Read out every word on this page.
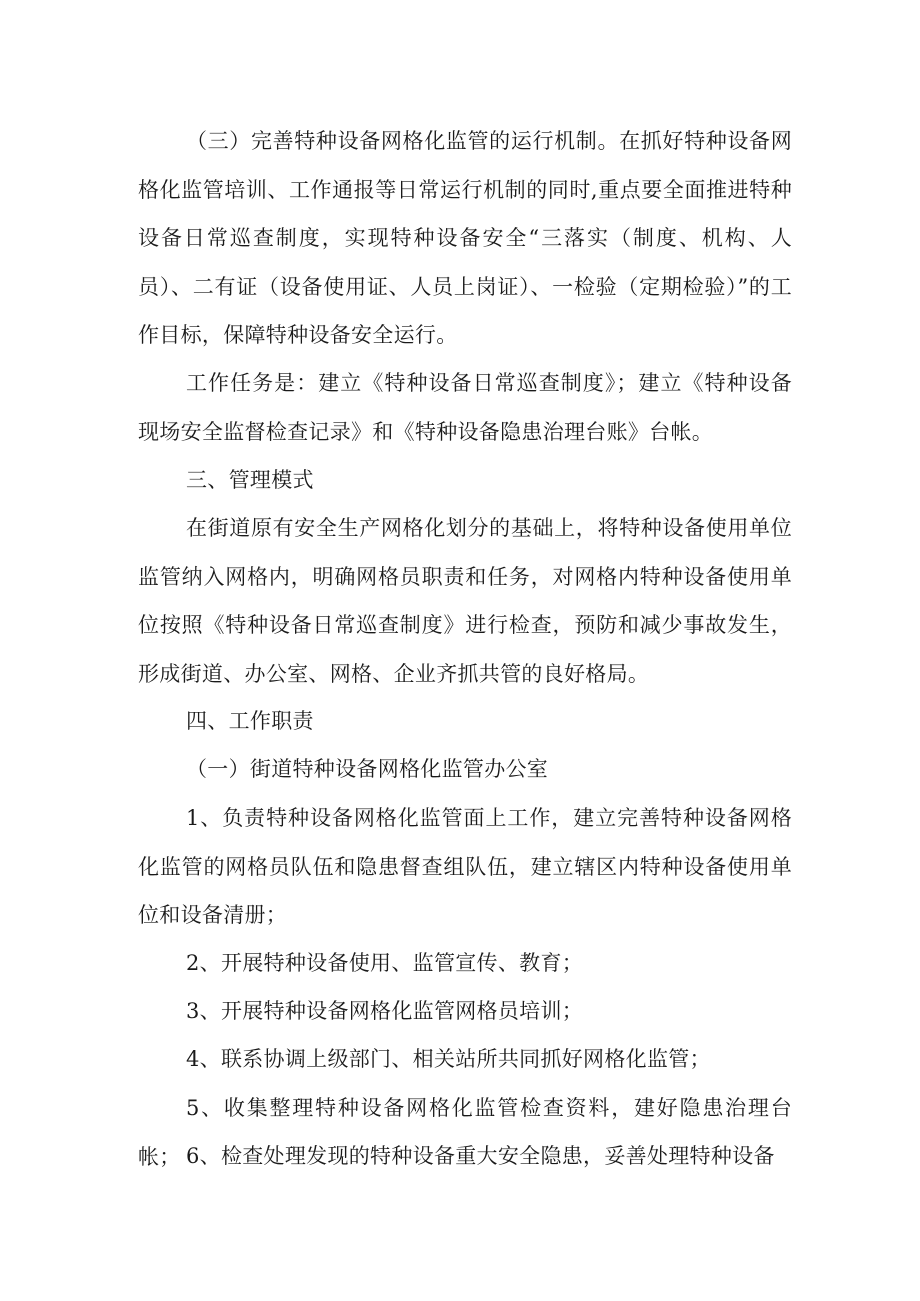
（三）完善特种设备网格化监管的运行机制。在抓好特种设备网格化监管培训、工作通报等日常运行机制的同时,重点要全面推进特种设备日常巡查制度，实现特种设备安全“三落实（制度、机构、人员）、二有证（设备使用证、人员上岗证）、一检验（定期检验）”的工作目标，保障特种设备安全运行。

工作任务是：建立《特种设备日常巡查制度》；建立《特种设备现场安全监督检查记录》和《特种设备隐患治理台账》台帐。

三、管理模式

在街道原有安全生产网格化划分的基础上，将特种设备使用单位监管纳入网格内，明确网格员职责和任务，对网格内特种设备使用单位按照《特种设备日常巡查制度》进行检查，预防和减少事故发生，形成街道、办公室、网格、企业齐抓共管的良好格局。

四、工作职责

（一）街道特种设备网格化监管办公室

1、负责特种设备网格化监管面上工作，建立完善特种设备网格化监管的网格员队伍和隐患督查组队伍，建立辖区内特种设备使用单位和设备清册；

2、开展特种设备使用、监管宣传、教育；

3、开展特种设备网格化监管网格员培训；

4、联系协调上级部门、相关站所共同抓好网格化监管；

5、收集整理特种设备网格化监管检查资料，建好隐患治理台帐； 6、检查处理发现的特种设备重大安全隐患，妥善处理特种设备
